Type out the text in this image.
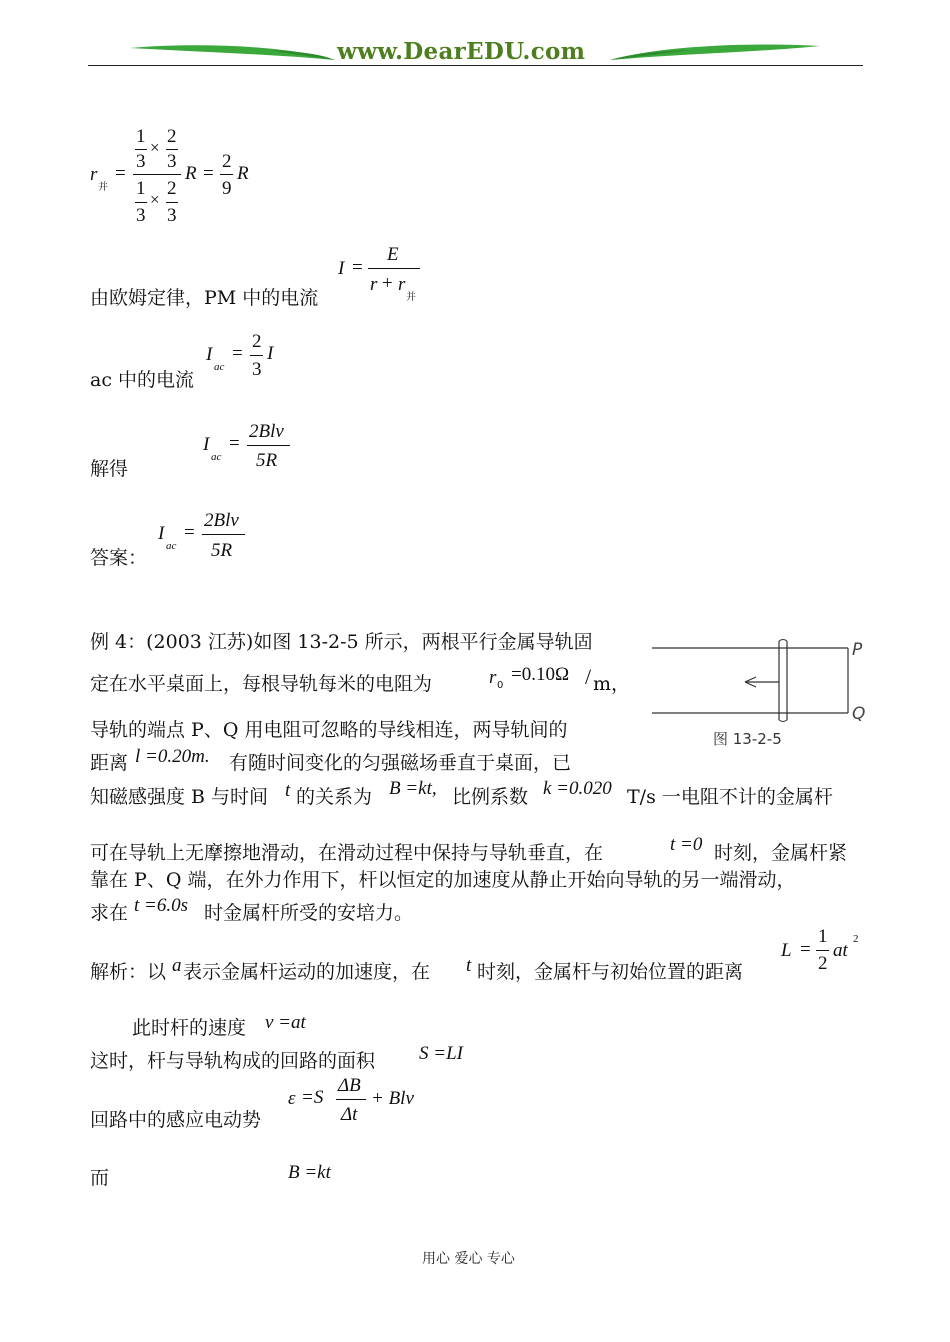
www.DearEDU.com
r
并
=
1
3
×
2
3
1
3
×
2
3
R =
2
9
R
由欧姆定律，PM 中的电流
I =
E
r + r
并
ac 中的电流
I
ac
=
2
3
I
解得
I
ac
=
2Blv
5R
答案：
I
ac
=
2Blv
5R
例 4：(2003 江苏)如图 13-2-5 所示，两根平行金属导轨固
定在水平桌面上，每根导轨每米的电阻为	r 0
=0.10Ω / m，
导轨的端点 P、Q 用电阻可忽略的导线相连，两导轨间的
距离 l =0.20m. 有随时间变化的匀强磁场垂直于桌面，已
知磁感强度 B 与时间 t 的关系为 B =kt, 比例系数 k =0.020 T/s 一电阻不计的金属杆
可在导轨上无摩擦地滑动，在滑动过程中保持与导轨垂直，在	t =0 时刻，金属杆紧
靠在 P、Q 端，在外力作用下，杆以恒定的加速度从静止开始向导轨的另一端滑动，
求在 t =6.0s 时金属杆所受的安培力。
P
Q
图 13-2-5
解析：以 a 表示金属杆运动的加速度，在 t 时刻，金属杆与初始位置的距离
L =
1
2
at
2
此时杆的速度 v =at
这时，杆与导轨构成的回路的面积 S =LI
回路中的感应电动势
ε =S
ΔB
Δt
+ Blv
而	B =kt
用心 爱心 专心
